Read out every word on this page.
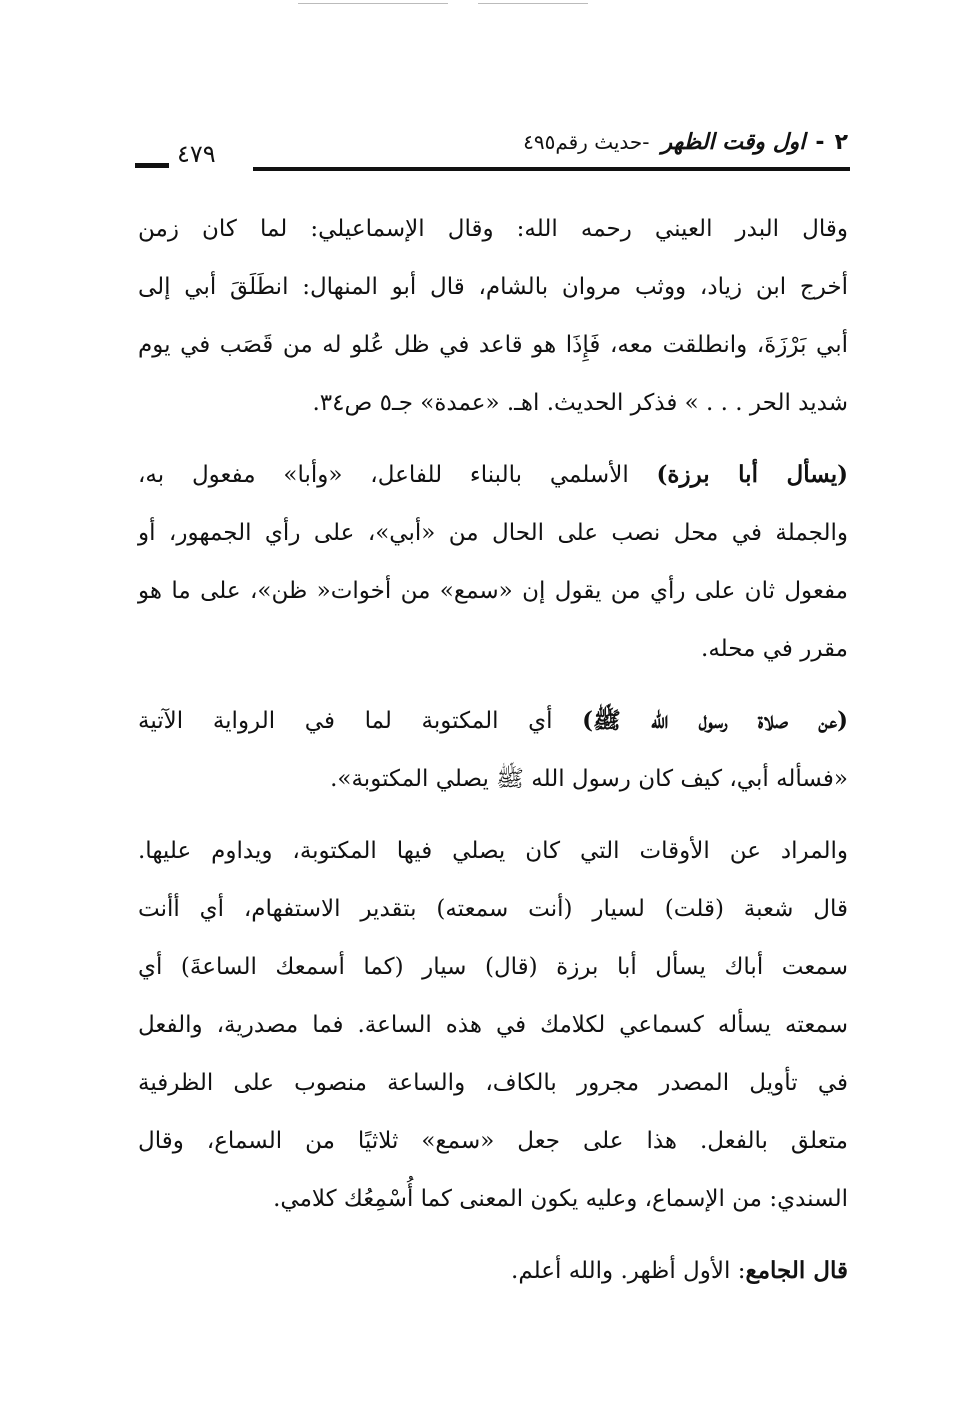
٢-اول وقت الظهر-حديث رقم٤٩٥
٤٧٩

وقال البدر العيني رحمه الله: وقال الإسماعيلي: لما كان زمن
أخرج ابن زياد، ووثب مروان بالشام، قال أبو المنهال: انطَلَقَ أبي إلى
أبي بَرْزَةَ، وانطلقت معه، فَإِذَا هو قاعد في ظل عُلو له من قَصَب في يوم
شديد الحر . . . » فذكر الحديث. اهـ. «عمدة» جـ٥ ص٣٤.

(يسأل أبا برزة) الأسلمي بالبناء للفاعل، «وأبا» مفعول به،
والجملة في محل نصب على الحال من «أبي»، على رأي الجمهور، أو
مفعول ثان على رأي من يقول إن «سمع» من أخوات« ظن»، على ما هو
مقرر في محله.

(عن صلاة رسول الله ﷺ) أي المكتوبة لما في الرواية الآتية
«فسأله أبي، كيف كان رسول الله ﷺ يصلي المكتوبة».

والمراد عن الأوقات التي كان يصلي فيها المكتوبة، ويداوم عليها.
قال شعبة (قلت) لسيار (أنت سمعته) بتقدير الاستفهام، أي أأنت
سمعت أباك يسأل أبا برزة (قال) سيار (كما أسمعك الساعةَ) أي
سمعته يسأله كسماعي لكلامك في هذه الساعة. فما مصدرية، والفعل
في تأويل المصدر مجرور بالكاف، والساعة منصوب على الظرفية
متعلق بالفعل. هذا على جعل «سمع» ثلاثيًا من السماع، وقال
السندي: من الإسماع، وعليه يكون المعنى كما أُسْمِعُك كلامي.

قال الجامع: الأول أظهر. والله أعلم.
